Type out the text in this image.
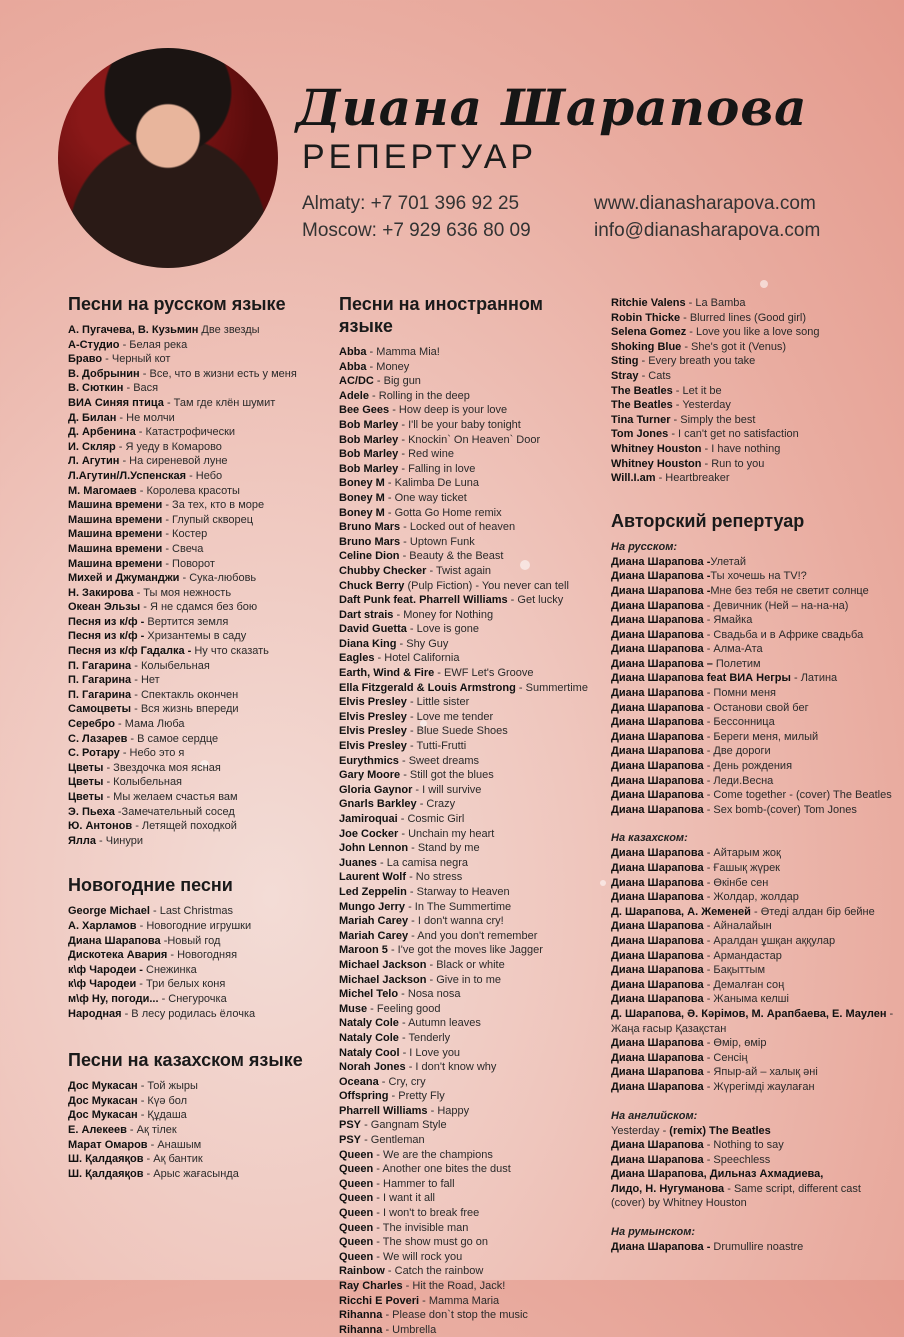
Диана Шарапова
РЕПЕРТУАР
Almaty: +7 701 396 92 25
Moscow: +7 929 636 80 09
www.dianasharapova.com
info@dianasharapova.com
Песни на русском языке
А. Пугачева, В. Кузьмин Две звезды
А-Студио - Белая река
Браво - Черный кот
В. Добрынин - Все, что в жизни есть у меня
В. Сюткин - Вася
ВИА Синяя птица - Там где клён шумит
Д. Билан - Не молчи
Д. Арбенина - Катастрофически
И. Скляр - Я уеду в Комарово
Л. Агутин - На сиреневой луне
Л.Агутин/Л.Успенская - Небо
М. Магомаев - Королева красоты
Машина времени - За тех, кто в море
Машина времени - Глупый скворец
Машина времени - Костер
Машина времени - Свеча
Машина времени - Поворот
Михей и Джуманджи - Сука-любовь
Н. Закирова - Ты моя нежность
Океан Эльзы - Я не сдамся без бою
Песня из к/ф - Вертится земля
Песня из к/ф - Хризантемы в саду
Песня из к/ф Гадалка - Ну что сказать
П. Гагарина - Колыбельная
П. Гагарина - Нет
П. Гагарина - Спектакль окончен
Самоцветы - Вся жизнь впереди
Серебро - Мама Люба
С. Лазарев - В самое сердце
С. Ротару - Небо это я
Цветы - Звездочка моя ясная
Цветы - Колыбельная
Цветы - Мы желаем счастья вам
Э. Пьеха -Замечательный сосед
Ю. Антонов - Летящей походкой
Ялла - Чинури
Новогодние песни
George Michael - Last Christmas
А. Харламов - Новогодние игрушки
Диана Шарапова -Новый год
Дискотека Авария - Новогодняя
к\ф Чародеи - Снежинка
к\ф Чародеи - Три белых коня
м\ф Ну, погоди... - Снегурочка
Народная - В лесу родилась ёлочка
Песни на казахском языке
Дос Мукасан - Той жыры
Дос Мукасан - Күә бол
Дос Мукасан - Құдаша
Е. Алекеев - Ақ тілек
Марат Омаров - Анашым
Ш. Қалдаяқов - Ақ бантик
Ш. Қалдаяқов - Арыс жағасында
Песни на иностранном языке
Abba - Mamma Mia!
Abba - Money
AC/DC - Big gun
Adele - Rolling in the deep
Bee Gees - How deep is your love
Bob Marley - I'll be your baby tonight
Bob Marley - Knockin` On Heaven` Door
Bob Marley - Red wine
Bob Marley - Falling in love
Boney M - Kalimba De Luna
Boney M - One way ticket
Boney M - Gotta Go Home remix
Bruno Mars - Locked out of heaven
Bruno Mars - Uptown Funk
Celine Dion - Beauty & the Beast
Chubby Checker - Twist again
Chuck Berry (Pulp Fiction) - You never can tell
Daft Punk feat. Pharrell Williams - Get lucky
Dart strais - Money for Nothing
David Guetta - Love is gone
Diana King - Shy Guy
Eagles - Hotel California
Earth, Wind & Fire - EWF Let's Groove
Ella Fitzgerald & Louis Armstrong - Summertime
Elvis Presley - Little sister
Elvis Presley - Love me tender
Elvis Presley - Blue Suede Shoes
Elvis Presley - Tutti-Frutti
Eurythmics - Sweet dreams
Gary Moore - Still got the blues
Gloria Gaynor - I will survive
Gnarls Barkley - Crazy
Jamiroquai - Cosmic Girl
Joe Cocker - Unchain my heart
John Lennon - Stand by me
Juanes - La camisa negra
Laurent Wolf - No stress
Led Zeppelin - Starway to Heaven
Mungo Jerry - In The Summertime
Mariah Carey - I don't wanna cry!
Mariah Carey - And you don't remember
Maroon 5 - I've got the moves like Jagger
Michael Jackson - Black or white
Michael Jackson - Give in to me
Michel Telo - Nosa nosa
Muse - Feeling good
Nataly Cole - Autumn leaves
Nataly Cole - Tenderly
Nataly Cool - I Love you
Norah Jones - I don't know why
Oceana - Cry, cry
Offspring - Pretty Fly
Pharrell Williams - Happy
PSY - Gangnam Style
PSY - Gentleman
Queen - We are the champions
Queen - Another one bites the dust
Queen - Hammer to fall
Queen - I want it all
Queen - I won't to break free
Queen - The invisible man
Queen - The show must go on
Queen - We will rock you
Rainbow - Catch the rainbow
Ray Charles - Hit the Road, Jack!
Ricchi E Poveri - Mamma Maria
Rihanna - Please don`t stop the music
Rihanna - Umbrella
Ritchie Valens - La Bamba
Robin Thicke - Blurred lines (Good girl)
Selena Gomez - Love you like a love song
Shoking Blue - She's got it (Venus)
Sting - Every breath you take
Stray - Cats
The Beatles - Let it be
The Beatles - Yesterday
Tina Turner - Simply the best
Tom Jones - I can't get no satisfaction
Whitney Houston - I have nothing
Whitney Houston - Run to you
Will.I.am - Heartbreaker
Авторский репертуар
На русском:
Диана Шарапова -Улетай
Диана Шарапова -Ты хочешь на TV!?
Диана Шарапова -Мне без тебя не светит солнце
Диана Шарапова - Девичник (Ней – на-на-на)
Диана Шарапова - Ямайка
Диана Шарапова - Свадьба и в Африке свадьба
Диана Шарапова - Алма-Ата
Диана Шарапова – Полетим
Диана Шарапова feat ВИА Негры - Латина
Диана Шарапова - Помни меня
Диана Шарапова - Останови свой бег
Диана Шарапова - Бессонница
Диана Шарапова - Береги меня, милый
Диана Шарапова - Две дороги
Диана Шарапова - День рождения
Диана Шарапова - Леди.Весна
Диана Шарапова - Come together - (cover) The Beatles
Диана Шарапова - Sex bomb-(cover) Tom Jones
На казахском:
Диана Шарапова - Айтарым жоқ
Диана Шарапова - Ғашық жүрек
Диана Шарапова - Өкінбе сен
Диана Шарапова - Жолдар, жолдар
Д. Шарапова, А. Жеменей - Өтеді алдан бір бейне
Диана Шарапова - Айналайын
Диана Шарапова - Аралдан ұшқан аққулар
Диана Шарапова - Армандастар
Диана Шарапова - Бақыттым
Диана Шарапова - Демалған соң
Диана Шарапова - Жаныма келші
Д. Шарапова, Ә. Кәрімов, М. Арапбаева, Е. Маулен -
Жаңа ғасыр Қазақстан
Диана Шарапова - Өмір, өмір
Диана Шарапова - Сенсің
Диана Шарапова - Япыр-ай – халық әні
Диана Шарапова - Жүрегімді жаулаған
На английском:
Yesterday - (remix) The Beatles
Диана Шарапова - Nothing to say
Диана Шарапова - Speechless
Диана Шарапова, Дильназ Ахмадиева,
Лидо, Н. Нугуманова - Same script, different cast
(cover) by Whitney Houston
На румынском:
Диана Шарапова - Drumullire noastre
